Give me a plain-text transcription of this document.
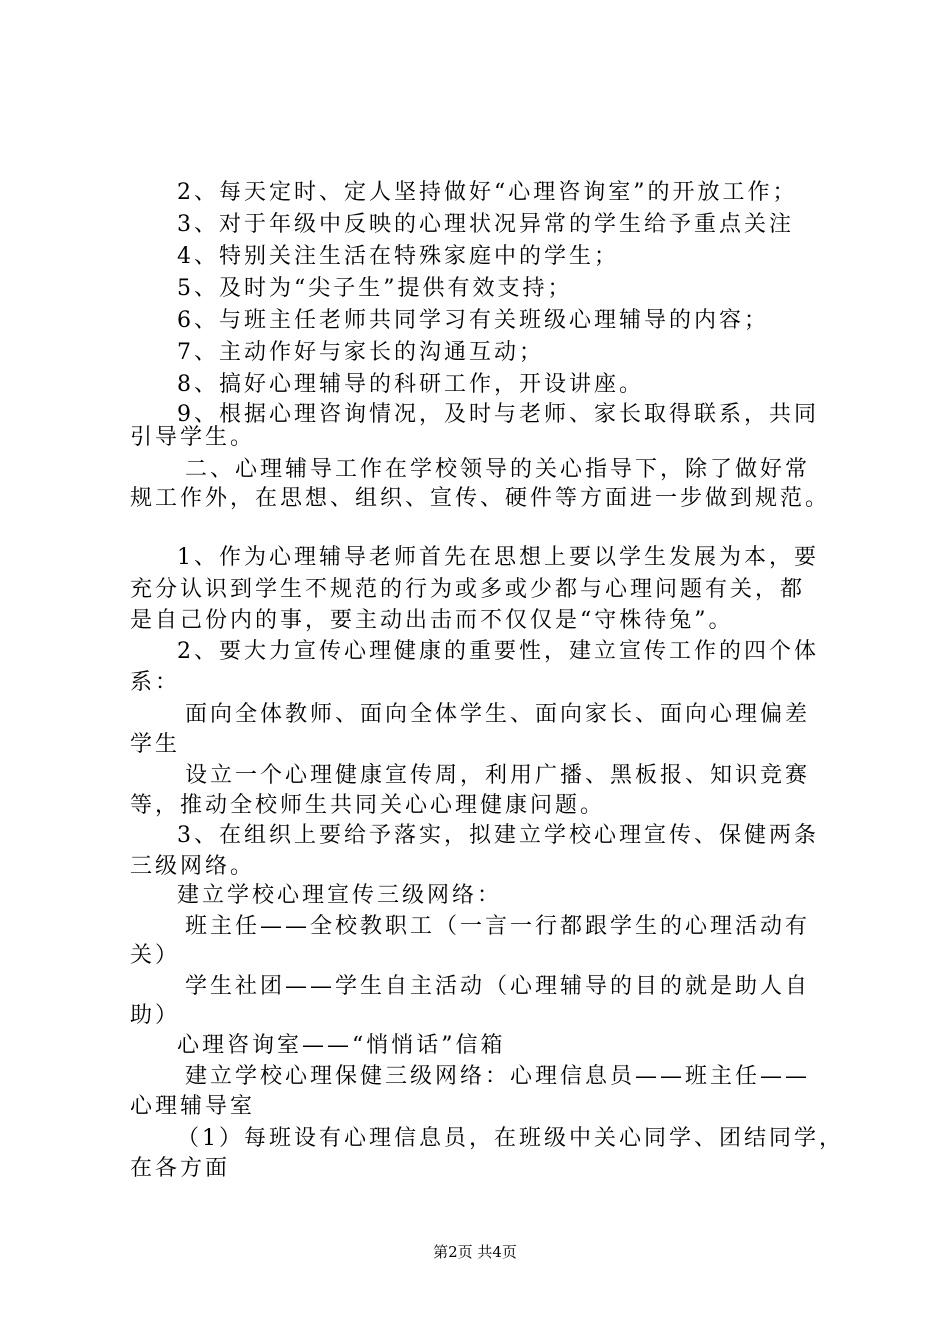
2、每天定时、定人坚持做好“心理咨询室”的开放工作；
3、对于年级中反映的心理状况异常的学生给予重点关注
4、特别关注生活在特殊家庭中的学生；
5、及时为“尖子生”提供有效支持；
6、与班主任老师共同学习有关班级心理辅导的内容；
7、主动作好与家长的沟通互动；
8、搞好心理辅导的科研工作，开设讲座。
9、根据心理咨询情况，及时与老师、家长取得联系，共同
引导学生。
二、心理辅导工作在学校领导的关心指导下，除了做好常
规工作外，在思想、组织、宣传、硬件等方面进一步做到规范。
1、作为心理辅导老师首先在思想上要以学生发展为本，要
充分认识到学生不规范的行为或多或少都与心理问题有关，都
是自己份内的事，要主动出击而不仅仅是“守株待兔”。
2、要大力宣传心理健康的重要性，建立宣传工作的四个体
系：
面向全体教师、面向全体学生、面向家长、面向心理偏差
学生
设立一个心理健康宣传周，利用广播、黑板报、知识竞赛
等，推动全校师生共同关心心理健康问题。
3、在组织上要给予落实，拟建立学校心理宣传、保健两条
三级网络。
建立学校心理宣传三级网络：
班主任——全校教职工（一言一行都跟学生的心理活动有
关）
学生社团——学生自主活动（心理辅导的目的就是助人自
助）
心理咨询室——“悄悄话”信箱
建立学校心理保健三级网络：心理信息员——班主任——
心理辅导室
（1）每班设有心理信息员，在班级中关心同学、团结同学，
在各方面
第2页 共4页
